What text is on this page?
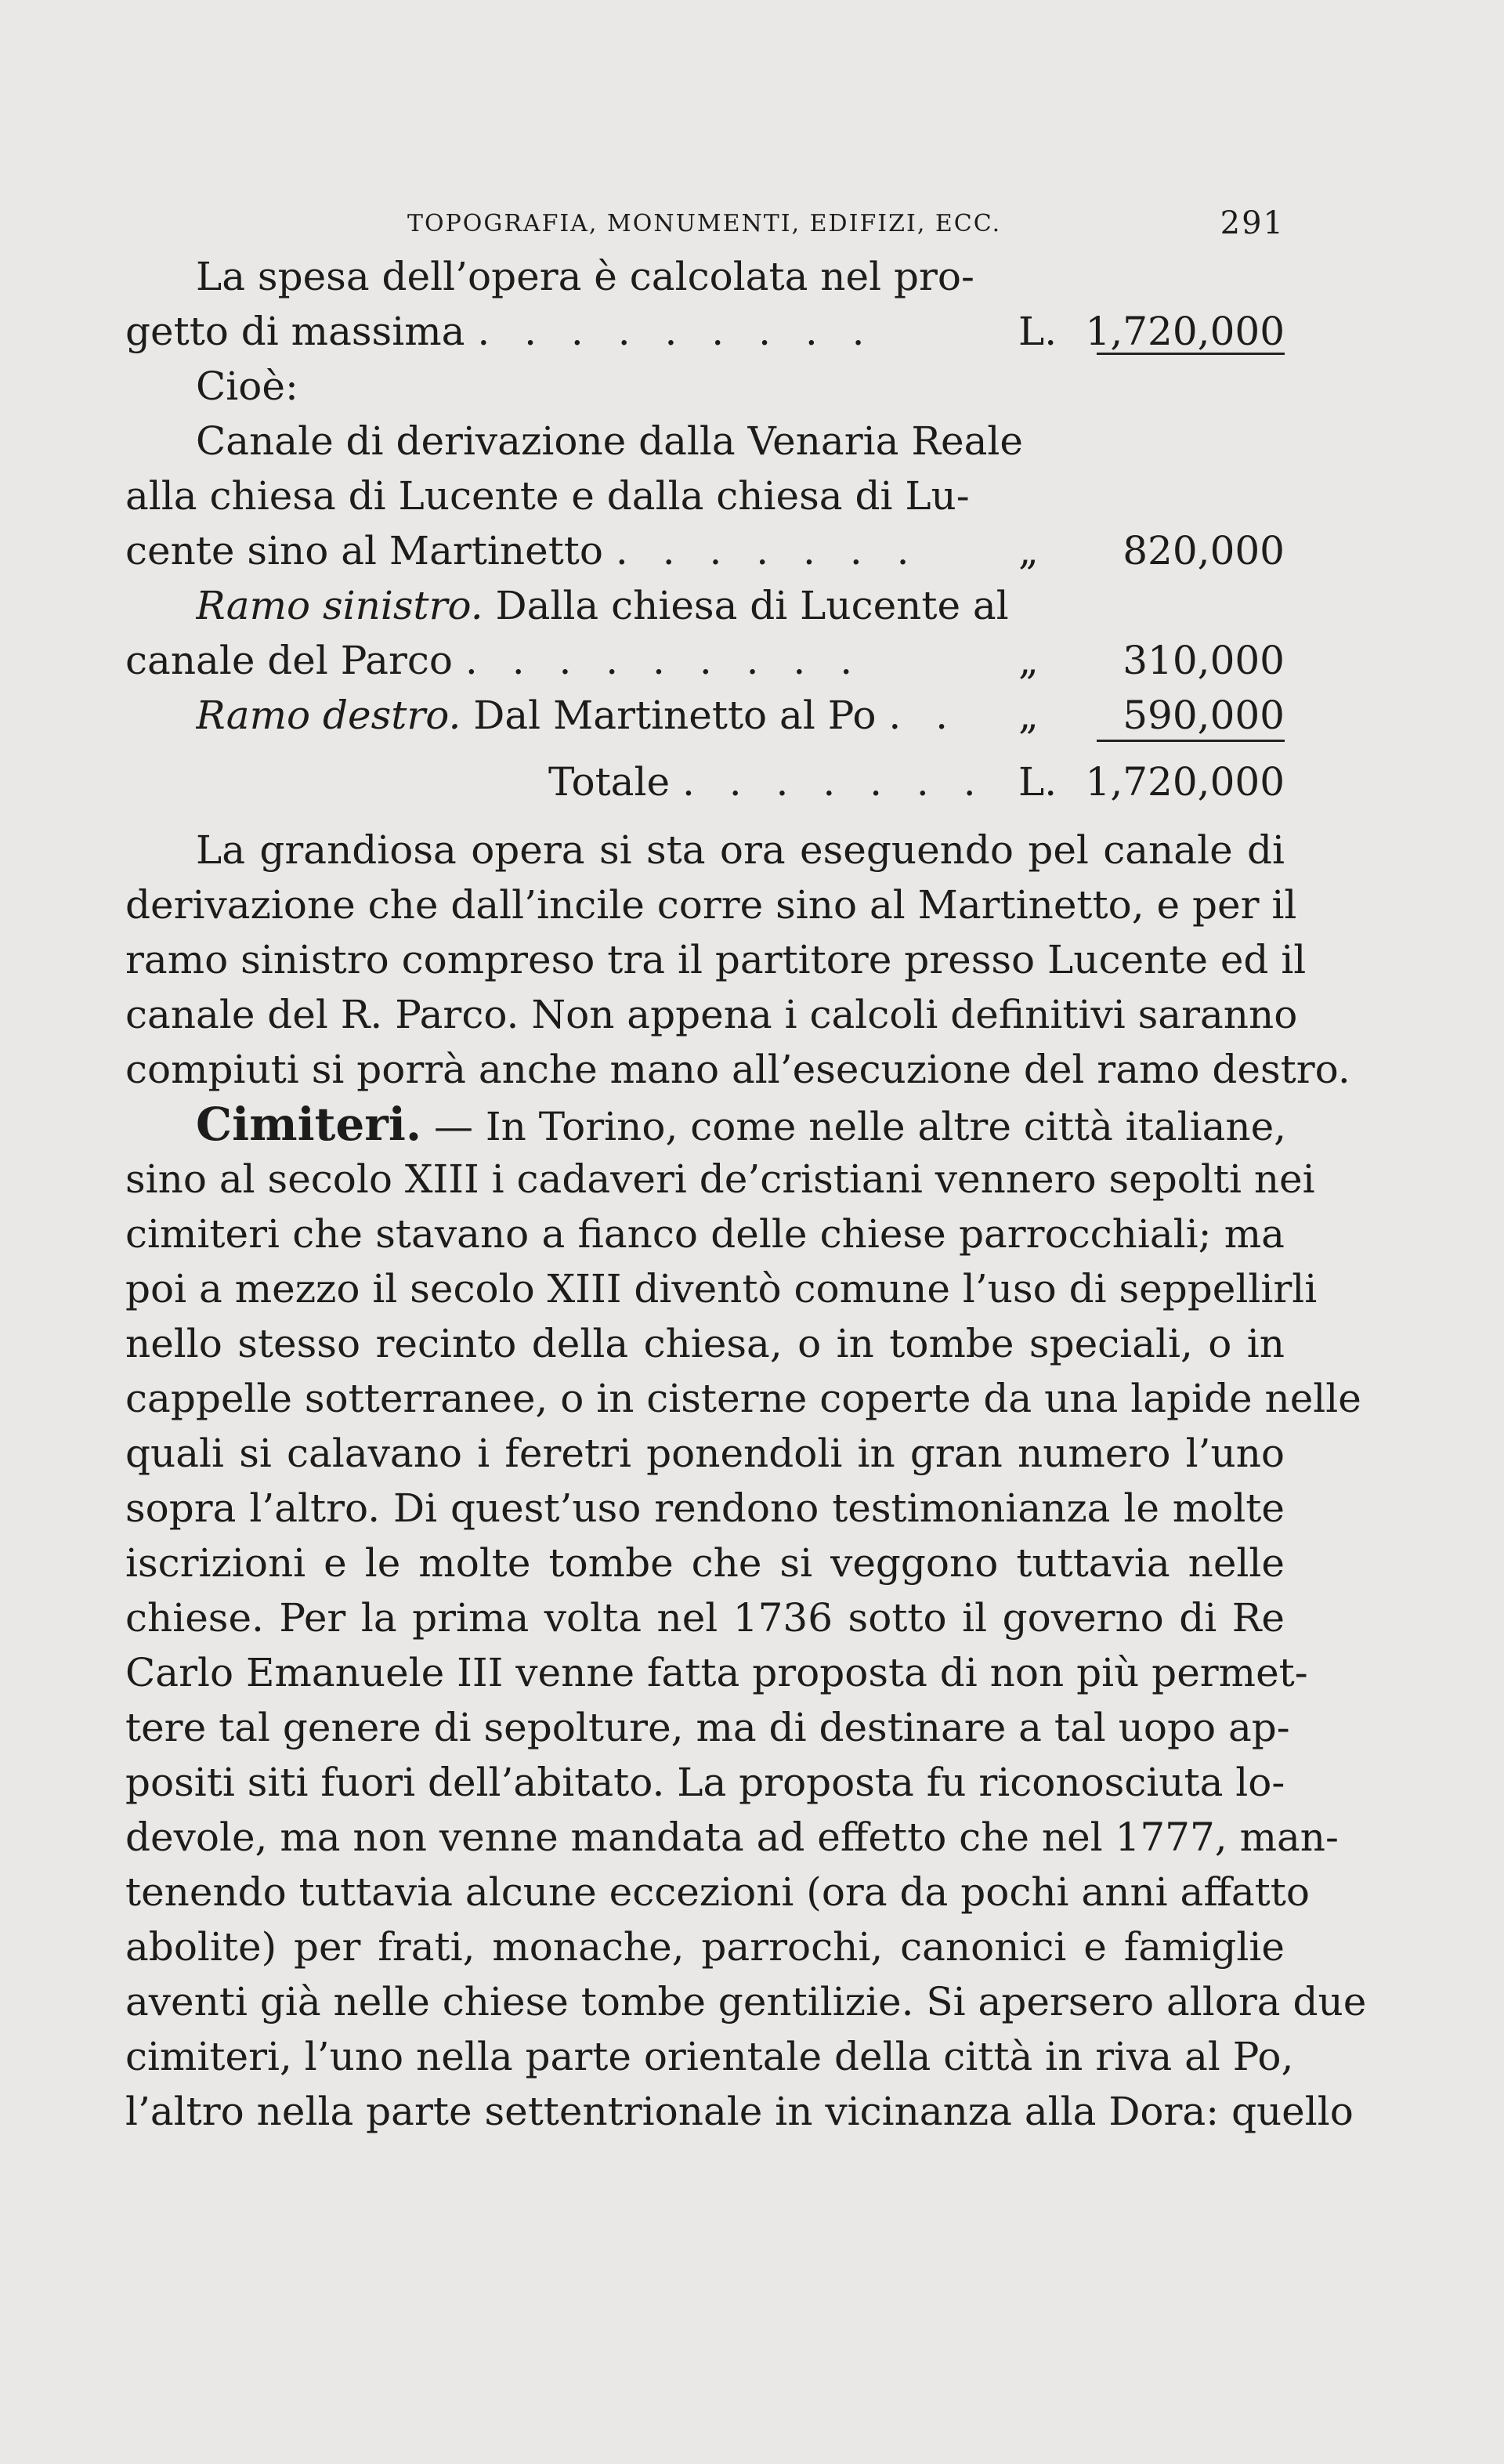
TOPOGRAFIA, MONUMENTI, EDIFIZI, ECC.	291
La spesa dell’opera è calcolata nel pro-
getto di massima . . . . . . . . .	L. 1,720,000
Cioè:
Canale di derivazione dalla Venaria Reale
alla chiesa di Lucente e dalla chiesa di Lu-
cente sino al Martinetto . . . . . . .	„	820,000
Ramo sinistro. Dalla chiesa di Lucente al
canale del Parco . . . . . . . . .	„	310,000
Ramo destro. Dal Martinetto al Po . .	„	590,000
Totale . . . . . . . L. 1,720,000
La grandiosa opera si sta ora eseguendo pel canale di
derivazione che dall’incile corre sino al Martinetto, e per il
ramo sinistro compreso tra il partitore presso Lucente ed il
canale del R. Parco. Non appena i calcoli definitivi saranno
compiuti si porrà anche mano all’esecuzione del ramo destro.
Cimiteri. — In Torino, come nelle altre città italiane,
sino al secolo XIII i cadaveri de’cristiani vennero sepolti nei
cimiteri che stavano a fianco delle chiese parrocchiali; ma
poi a mezzo il secolo XIII diventò comune l’uso di seppellirli
nello stesso recinto della chiesa, o in tombe speciali, o in
cappelle sotterranee, o in cisterne coperte da una lapide nelle
quali si calavano i feretri ponendoli in gran numero l’uno
sopra l’altro. Di quest’uso rendono testimonianza le molte
iscrizioni e le molte tombe che si veggono tuttavia nelle
chiese. Per la prima volta nel 1736 sotto il governo di Re
Carlo Emanuele III venne fatta proposta di non più permet-
tere tal genere di sepolture, ma di destinare a tal uopo ap-
positi siti fuori dell’abitato. La proposta fu riconosciuta lo-
devole, ma non venne mandata ad effetto che nel 1777, man-
tenendo tuttavia alcune eccezioni (ora da pochi anni affatto
abolite) per frati, monache, parrochi, canonici e famiglie
aventi già nelle chiese tombe gentilizie. Si apersero allora due
cimiteri, l’uno nella parte orientale della città in riva al Po,
l’altro nella parte settentrionale in vicinanza alla Dora: quello
